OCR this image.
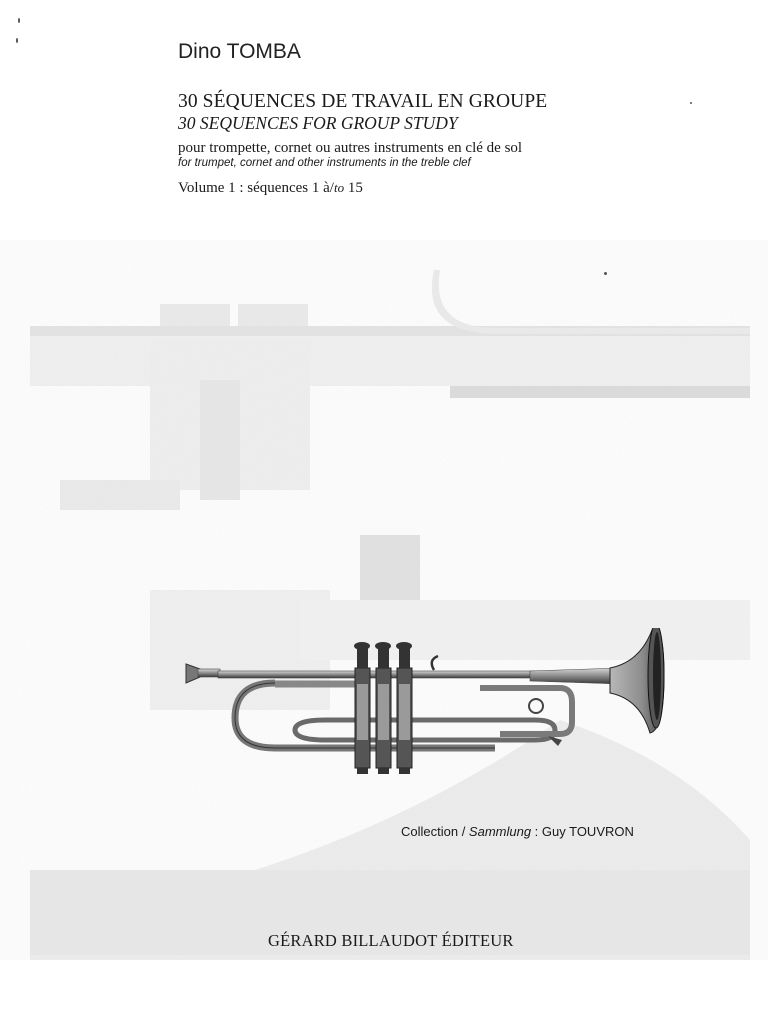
Dino TOMBA
30 SÉQUENCES DE TRAVAIL EN GROUPE
30 SEQUENCES FOR GROUP STUDY
pour trompette, cornet ou autres instruments en clé de sol
for trumpet, cornet and other instruments in the treble clef
Volume 1 : séquences 1 à/to 15
Collection / Sammlung : Guy TOUVRON
GÉRARD BILLAUDOT ÉDITEUR
